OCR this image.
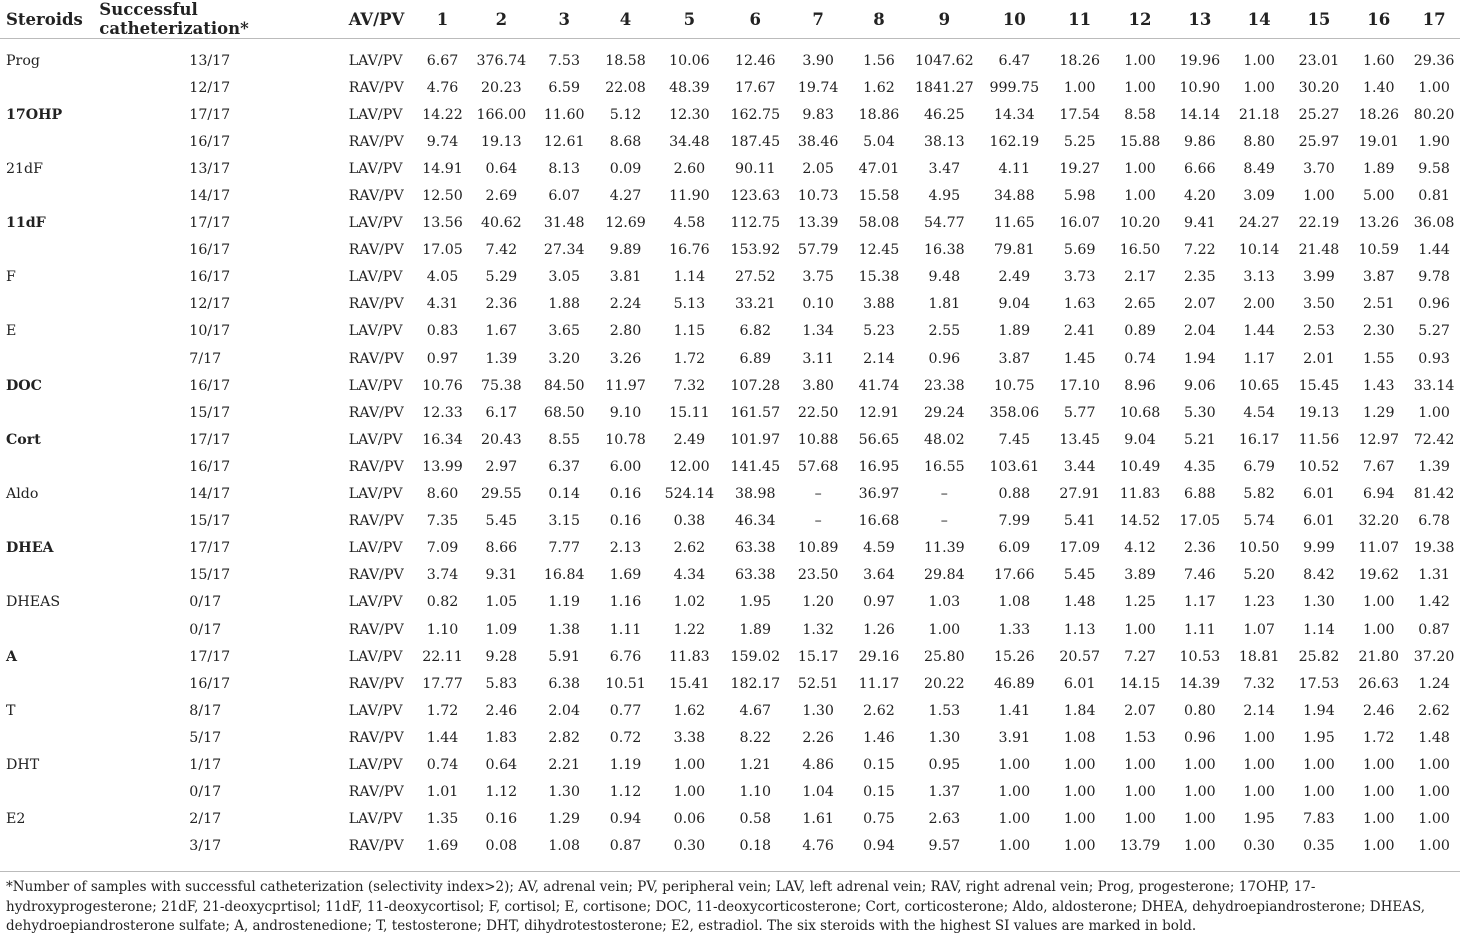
Steroids	Successful catheterization*	AV/PV	1	2	3	4	5	6	7	8	9	10	11	12	13	14	15	16	17
Prog	13/17	LAV/PV	6.67	376.74	7.53	18.58	10.06	12.46	3.90	1.56	1047.62	6.47	18.26	1.00	19.96	1.00	23.01	1.60	29.36
	12/17	RAV/PV	4.76	20.23	6.59	22.08	48.39	17.67	19.74	1.62	1841.27	999.75	1.00	1.00	10.90	1.00	30.20	1.40	1.00
17OHP	17/17	LAV/PV	14.22	166.00	11.60	5.12	12.30	162.75	9.83	18.86	46.25	14.34	17.54	8.58	14.14	21.18	25.27	18.26	80.20
	16/17	RAV/PV	9.74	19.13	12.61	8.68	34.48	187.45	38.46	5.04	38.13	162.19	5.25	15.88	9.86	8.80	25.97	19.01	1.90
21dF	13/17	LAV/PV	14.91	0.64	8.13	0.09	2.60	90.11	2.05	47.01	3.47	4.11	19.27	1.00	6.66	8.49	3.70	1.89	9.58
	14/17	RAV/PV	12.50	2.69	6.07	4.27	11.90	123.63	10.73	15.58	4.95	34.88	5.98	1.00	4.20	3.09	1.00	5.00	0.81
11dF	17/17	LAV/PV	13.56	40.62	31.48	12.69	4.58	112.75	13.39	58.08	54.77	11.65	16.07	10.20	9.41	24.27	22.19	13.26	36.08
	16/17	RAV/PV	17.05	7.42	27.34	9.89	16.76	153.92	57.79	12.45	16.38	79.81	5.69	16.50	7.22	10.14	21.48	10.59	1.44
F	16/17	LAV/PV	4.05	5.29	3.05	3.81	1.14	27.52	3.75	15.38	9.48	2.49	3.73	2.17	2.35	3.13	3.99	3.87	9.78
	12/17	RAV/PV	4.31	2.36	1.88	2.24	5.13	33.21	0.10	3.88	1.81	9.04	1.63	2.65	2.07	2.00	3.50	2.51	0.96
E	10/17	LAV/PV	0.83	1.67	3.65	2.80	1.15	6.82	1.34	5.23	2.55	1.89	2.41	0.89	2.04	1.44	2.53	2.30	5.27
	7/17	RAV/PV	0.97	1.39	3.20	3.26	1.72	6.89	3.11	2.14	0.96	3.87	1.45	0.74	1.94	1.17	2.01	1.55	0.93
DOC	16/17	LAV/PV	10.76	75.38	84.50	11.97	7.32	107.28	3.80	41.74	23.38	10.75	17.10	8.96	9.06	10.65	15.45	1.43	33.14
	15/17	RAV/PV	12.33	6.17	68.50	9.10	15.11	161.57	22.50	12.91	29.24	358.06	5.77	10.68	5.30	4.54	19.13	1.29	1.00
Cort	17/17	LAV/PV	16.34	20.43	8.55	10.78	2.49	101.97	10.88	56.65	48.02	7.45	13.45	9.04	5.21	16.17	11.56	12.97	72.42
	16/17	RAV/PV	13.99	2.97	6.37	6.00	12.00	141.45	57.68	16.95	16.55	103.61	3.44	10.49	4.35	6.79	10.52	7.67	1.39
Aldo	14/17	LAV/PV	8.60	29.55	0.14	0.16	524.14	38.98	–	36.97	–	0.88	27.91	11.83	6.88	5.82	6.01	6.94	81.42
	15/17	RAV/PV	7.35	5.45	3.15	0.16	0.38	46.34	–	16.68	–	7.99	5.41	14.52	17.05	5.74	6.01	32.20	6.78
DHEA	17/17	LAV/PV	7.09	8.66	7.77	2.13	2.62	63.38	10.89	4.59	11.39	6.09	17.09	4.12	2.36	10.50	9.99	11.07	19.38
	15/17	RAV/PV	3.74	9.31	16.84	1.69	4.34	63.38	23.50	3.64	29.84	17.66	5.45	3.89	7.46	5.20	8.42	19.62	1.31
DHEAS	0/17	LAV/PV	0.82	1.05	1.19	1.16	1.02	1.95	1.20	0.97	1.03	1.08	1.48	1.25	1.17	1.23	1.30	1.00	1.42
	0/17	RAV/PV	1.10	1.09	1.38	1.11	1.22	1.89	1.32	1.26	1.00	1.33	1.13	1.00	1.11	1.07	1.14	1.00	0.87
A	17/17	LAV/PV	22.11	9.28	5.91	6.76	11.83	159.02	15.17	29.16	25.80	15.26	20.57	7.27	10.53	18.81	25.82	21.80	37.20
	16/17	RAV/PV	17.77	5.83	6.38	10.51	15.41	182.17	52.51	11.17	20.22	46.89	6.01	14.15	14.39	7.32	17.53	26.63	1.24
T	8/17	LAV/PV	1.72	2.46	2.04	0.77	1.62	4.67	1.30	2.62	1.53	1.41	1.84	2.07	0.80	2.14	1.94	2.46	2.62
	5/17	RAV/PV	1.44	1.83	2.82	0.72	3.38	8.22	2.26	1.46	1.30	3.91	1.08	1.53	0.96	1.00	1.95	1.72	1.48
DHT	1/17	LAV/PV	0.74	0.64	2.21	1.19	1.00	1.21	4.86	0.15	0.95	1.00	1.00	1.00	1.00	1.00	1.00	1.00	1.00
	0/17	RAV/PV	1.01	1.12	1.30	1.12	1.00	1.10	1.04	0.15	1.37	1.00	1.00	1.00	1.00	1.00	1.00	1.00	1.00
E2	2/17	LAV/PV	1.35	0.16	1.29	0.94	0.06	0.58	1.61	0.75	2.63	1.00	1.00	1.00	1.00	1.95	7.83	1.00	1.00
	3/17	RAV/PV	1.69	0.08	1.08	0.87	0.30	0.18	4.76	0.94	9.57	1.00	1.00	13.79	1.00	0.30	0.35	1.00	1.00
*Number of samples with successful catheterization (selectivity index>2); AV, adrenal vein; PV, peripheral vein; LAV, left adrenal vein; RAV, right adrenal vein; Prog, progesterone; 17OHP, 17-hydroxyprogesterone; 21dF, 21-deoxycprtisol; 11dF, 11-deoxycortisol; F, cortisol; E, cortisone; DOC, 11-deoxycorticosterone; Cort, corticosterone; Aldo, aldosterone; DHEA, dehydroepiandrosterone; DHEAS, dehydroepiandrosterone sulfate; A, androstenedione; T, testosterone; DHT, dihydrotestosterone; E2, estradiol. The six steroids with the highest SI values are marked in bold.
